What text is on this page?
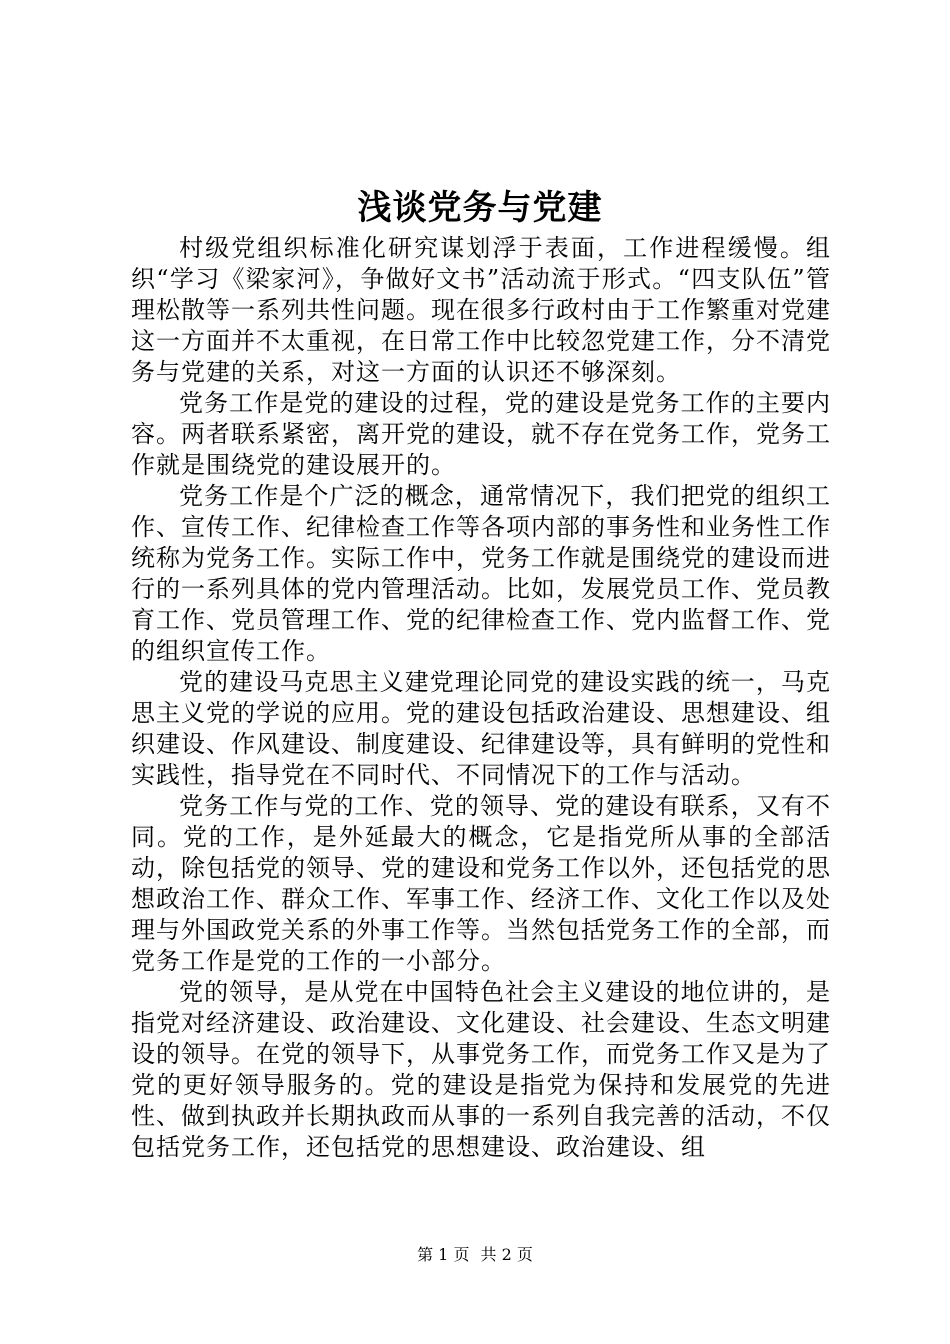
浅谈党务与党建

村级党组织标准化研究谋划浮于表面，工作进程缓慢。组织“学习《梁家河》，争做好文书”活动流于形式。“四支队伍”管理松散等一系列共性问题。现在很多行政村由于工作繁重对党建这一方面并不太重视，在日常工作中比较忽党建工作，分不清党务与党建的关系，对这一方面的认识还不够深刻。

党务工作是党的建设的过程，党的建设是党务工作的主要内容。两者联系紧密，离开党的建设，就不存在党务工作，党务工作就是围绕党的建设展开的。

党务工作是个广泛的概念，通常情况下，我们把党的组织工作、宣传工作、纪律检查工作等各项内部的事务性和业务性工作统称为党务工作。实际工作中，党务工作就是围绕党的建设而进行的一系列具体的党内管理活动。比如，发展党员工作、党员教育工作、党员管理工作、党的纪律检查工作、党内监督工作、党的组织宣传工作。

党的建设马克思主义建党理论同党的建设实践的统一，马克思主义党的学说的应用。党的建设包括政治建设、思想建设、组织建设、作风建设、制度建设、纪律建设等，具有鲜明的党性和实践性，指导党在不同时代、不同情况下的工作与活动。

党务工作与党的工作、党的领导、党的建设有联系，又有不同。党的工作，是外延最大的概念，它是指党所从事的全部活动，除包括党的领导、党的建设和党务工作以外，还包括党的思想政治工作、群众工作、军事工作、经济工作、文化工作以及处理与外国政党关系的外事工作等。当然包括党务工作的全部，而党务工作是党的工作的一小部分。

党的领导，是从党在中国特色社会主义建设的地位讲的，是指党对经济建设、政治建设、文化建设、社会建设、生态文明建设的领导。在党的领导下，从事党务工作，而党务工作又是为了党的更好领导服务的。党的建设是指党为保持和发展党的先进性、做到执政并长期执政而从事的一系列自我完善的活动，不仅包括党务工作，还包括党的思想建设、政治建设、组

第 1 页 共 2 页
